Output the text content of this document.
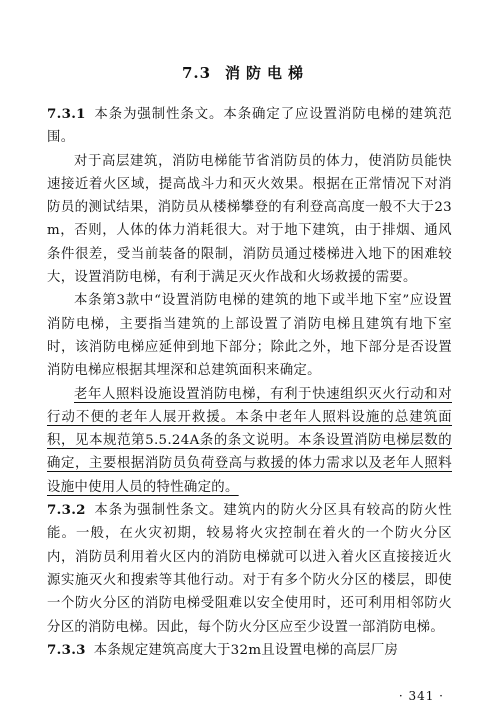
7.3 消防电梯

7.3.1 本条为强制性条文。本条确定了应设置消防电梯的建筑范围。

对于高层建筑，消防电梯能节省消防员的体力，使消防员能快速接近着火区域，提高战斗力和灭火效果。根据在正常情况下对消防员的测试结果，消防员从楼梯攀登的有利登高高度一般不大于23m，否则，人体的体力消耗很大。对于地下建筑，由于排烟、通风条件很差，受当前装备的限制，消防员通过楼梯进入地下的困难较大，设置消防电梯，有利于满足灭火作战和火场救援的需要。

本条第3款中“设置消防电梯的建筑的地下或半地下室”应设置消防电梯，主要指当建筑的上部设置了消防电梯且建筑有地下室时，该消防电梯应延伸到地下部分；除此之外，地下部分是否设置消防电梯应根据其埋深和总建筑面积来确定。

老年人照料设施设置消防电梯，有利于快速组织灭火行动和对行动不便的老年人展开救援。本条中老年人照料设施的总建筑面积，见本规范第5.5.24A条的条文说明。本条设置消防电梯层数的确定，主要根据消防员负荷登高与救援的体力需求以及老年人照料设施中使用人员的特性确定的。

7.3.2 本条为强制性条文。建筑内的防火分区具有较高的防火性能。一般，在火灾初期，较易将火灾控制在着火的一个防火分区内，消防员利用着火区内的消防电梯就可以进入着火区直接接近火源实施灭火和搜索等其他行动。对于有多个防火分区的楼层，即使一个防火分区的消防电梯受阻难以安全使用时，还可利用相邻防火分区的消防电梯。因此，每个防火分区应至少设置一部消防电梯。

7.3.3 本条规定建筑高度大于32m且设置电梯的高层厂房

· 341 ·
